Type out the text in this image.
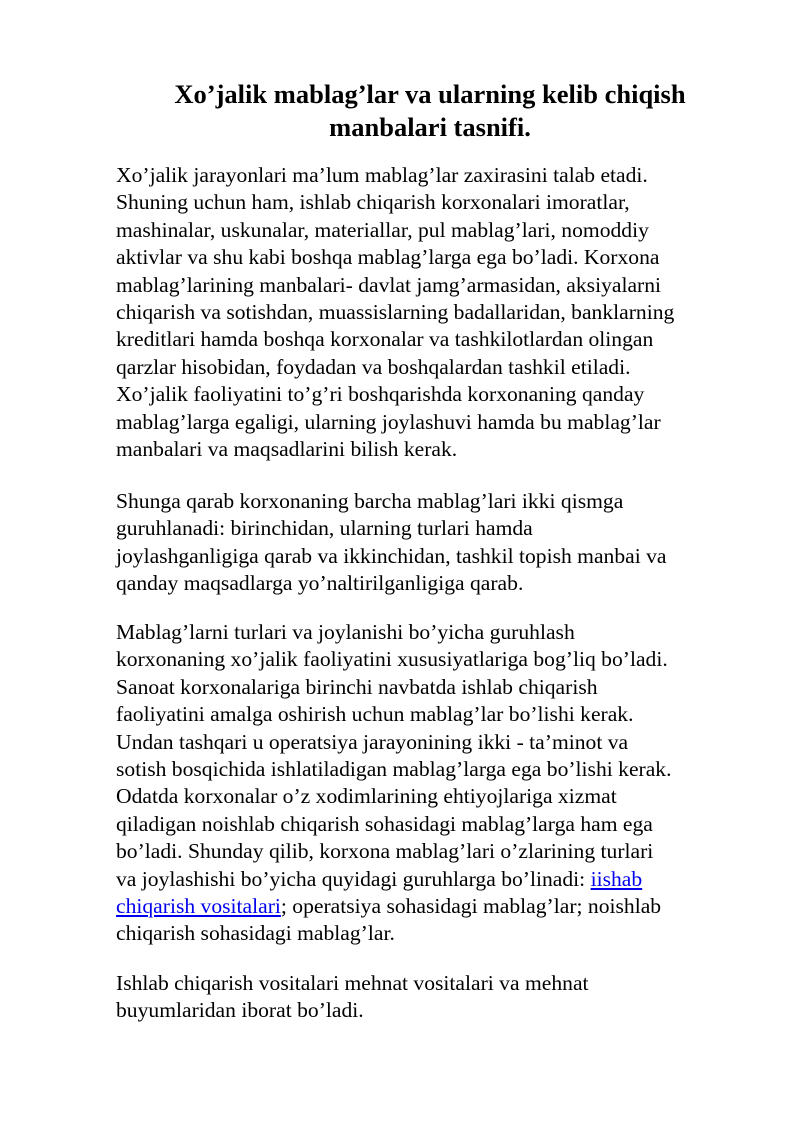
Xo’jalik mablag’lar va ularning kelib chiqish
manbalari tasnifi.

Xo’jalik jarayonlari ma’lum mablag’lar zaxirasini talab etadi.
Shuning uchun ham, ishlab chiqarish korxonalari imoratlar,
mashinalar, uskunalar, materiallar, pul mablag’lari, nomoddiy
aktivlar va shu kabi boshqa mablag’larga ega bo’ladi. Korxona
mablag’larining manbalari- davlat jamg’armasidan, aksiyalarni
chiqarish va sotishdan, muassislarning badallaridan, banklarning
kreditlari hamda boshqa korxonalar va tashkilotlardan olingan
qarzlar hisobidan, foydadan va boshqalardan tashkil etiladi.
Xo’jalik faoliyatini to’g’ri boshqarishda korxonaning qanday
mablag’larga egaligi, ularning joylashuvi hamda bu mablag’lar
manbalari va maqsadlarini bilish kerak.

Shunga qarab korxonaning barcha mablag’lari ikki qismga
guruhlanadi: birinchidan, ularning turlari hamda
joylashganligiga qarab va ikkinchidan, tashkil topish manbai va
qanday maqsadlarga yo’naltirilganligiga qarab.

Mablag’larni turlari va joylanishi bo’yicha guruhlash
korxonaning xo’jalik faoliyatini xususiyatlariga bog’liq bo’ladi.
Sanoat korxonalariga birinchi navbatda ishlab chiqarish
faoliyatini amalga oshirish uchun mablag’lar bo’lishi kerak.
Undan tashqari u operatsiya jarayonining ikki - ta’minot va
sotish bosqichida ishlatiladigan mablag’larga ega bo’lishi kerak.
Odatda korxonalar o’z xodimlarining ehtiyojlariga xizmat
qiladigan noishlab chiqarish sohasidagi mablag’larga ham ega
bo’ladi. Shunday qilib, korxona mablag’lari o’zlarining turlari
va joylashishi bo’yicha quyidagi guruhlarga bo’linadi: iishab
chiqarish vositalari; operatsiya sohasidagi mablag’lar; noishlab
chiqarish sohasidagi mablag’lar.

Ishlab chiqarish vositalari mehnat vositalari va mehnat
buyumlaridan iborat bo’ladi.
